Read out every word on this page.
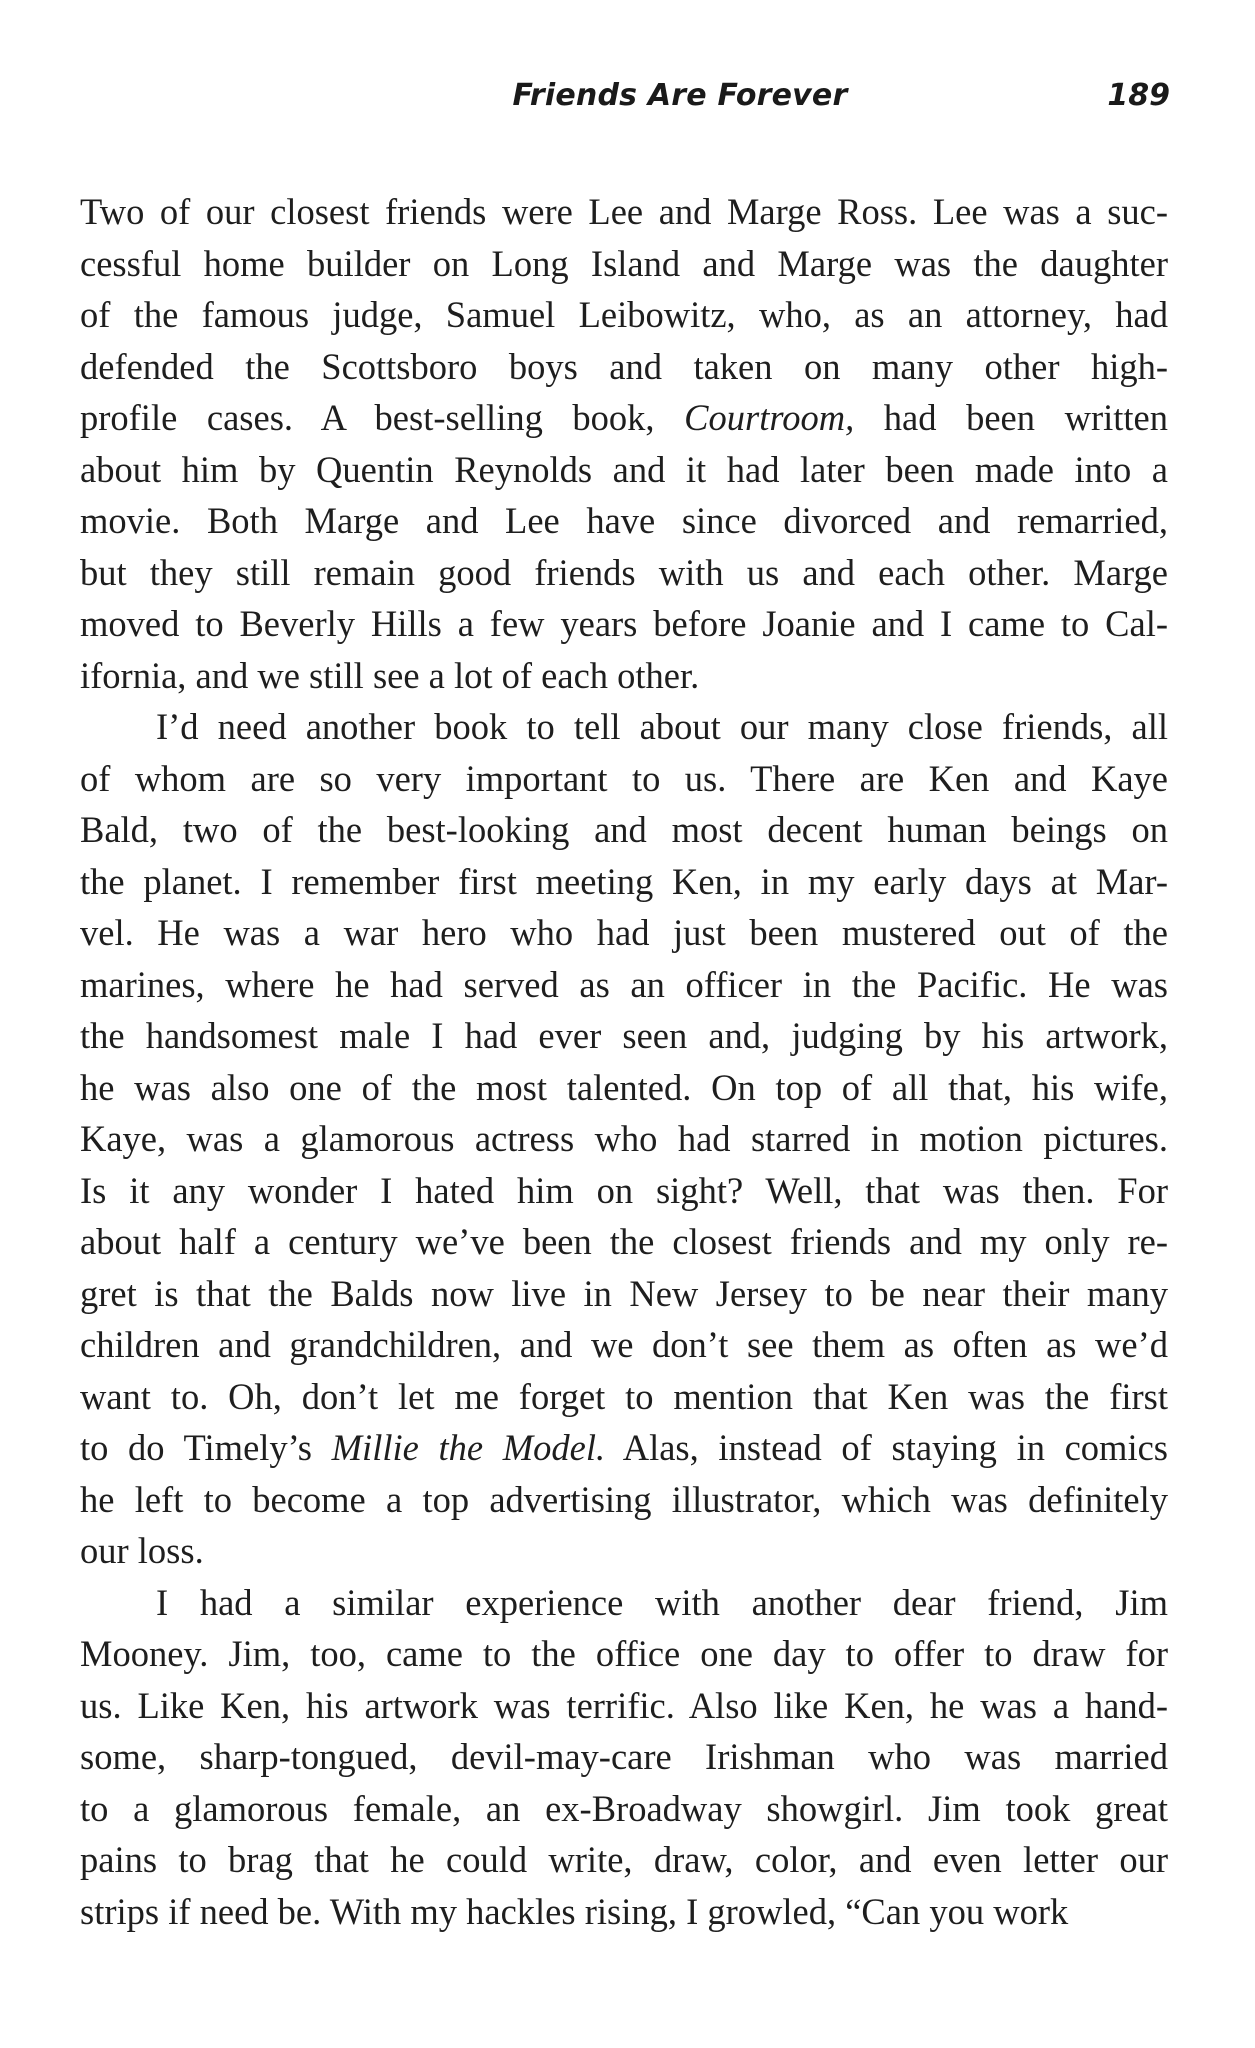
Friends Are Forever	189
Two of our closest friends were Lee and Marge Ross. Lee was a suc-
cessful home builder on Long Island and Marge was the daughter
of the famous judge, Samuel Leibowitz, who, as an attorney, had
defended the Scottsboro boys and taken on many other high-
profile cases. A best-selling book, Courtroom, had been written
about him by Quentin Reynolds and it had later been made into a
movie. Both Marge and Lee have since divorced and remarried,
but they still remain good friends with us and each other. Marge
moved to Beverly Hills a few years before Joanie and I came to Cal-
ifornia, and we still see a lot of each other.
I’d need another book to tell about our many close friends, all
of whom are so very important to us. There are Ken and Kaye
Bald, two of the best-looking and most decent human beings on
the planet. I remember first meeting Ken, in my early days at Mar-
vel. He was a war hero who had just been mustered out of the
marines, where he had served as an officer in the Pacific. He was
the handsomest male I had ever seen and, judging by his artwork,
he was also one of the most talented. On top of all that, his wife,
Kaye, was a glamorous actress who had starred in motion pictures.
Is it any wonder I hated him on sight? Well, that was then. For
about half a century we’ve been the closest friends and my only re-
gret is that the Balds now live in New Jersey to be near their many
children and grandchildren, and we don’t see them as often as we’d
want to. Oh, don’t let me forget to mention that Ken was the first
to do Timely’s Millie the Model. Alas, instead of staying in comics
he left to become a top advertising illustrator, which was definitely
our loss.
I had a similar experience with another dear friend, Jim
Mooney. Jim, too, came to the office one day to offer to draw for
us. Like Ken, his artwork was terrific. Also like Ken, he was a hand-
some, sharp-tongued, devil-may-care Irishman who was married
to a glamorous female, an ex-Broadway showgirl. Jim took great
pains to brag that he could write, draw, color, and even letter our
strips if need be. With my hackles rising, I growled, “Can you work
